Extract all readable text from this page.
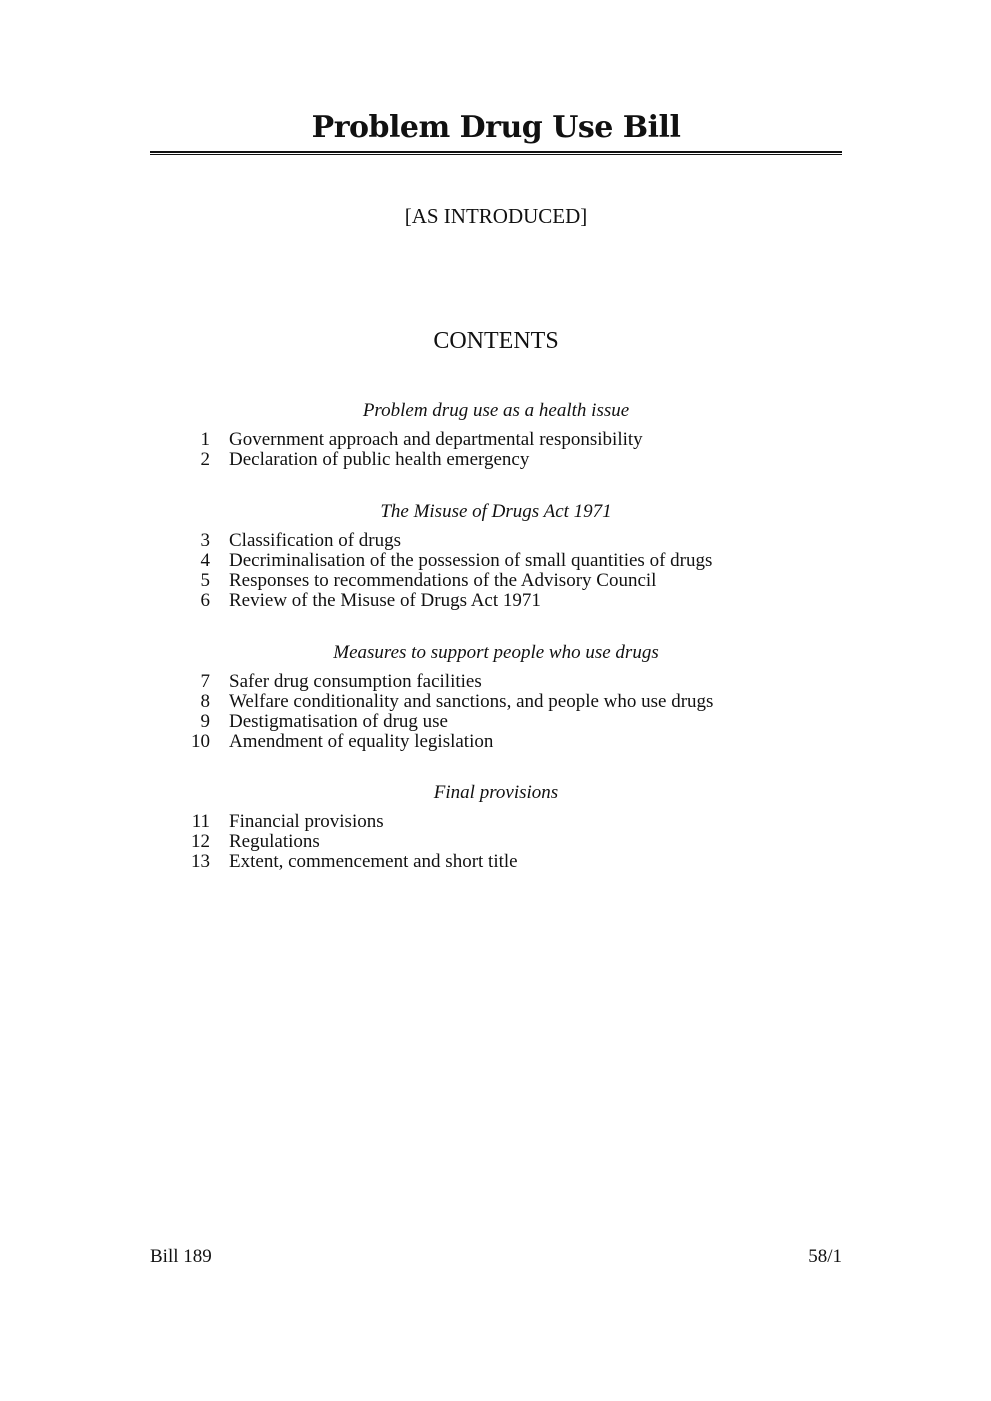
Problem Drug Use Bill
[AS INTRODUCED]
CONTENTS
Problem drug use as a health issue
1 Government approach and departmental responsibility
2 Declaration of public health emergency
The Misuse of Drugs Act 1971
3 Classification of drugs
4 Decriminalisation of the possession of small quantities of drugs
5 Responses to recommendations of the Advisory Council
6 Review of the Misuse of Drugs Act 1971
Measures to support people who use drugs
7 Safer drug consumption facilities
8 Welfare conditionality and sanctions, and people who use drugs
9 Destigmatisation of drug use
10 Amendment of equality legislation
Final provisions
11 Financial provisions
12 Regulations
13 Extent, commencement and short title
Bill 189	58/1
